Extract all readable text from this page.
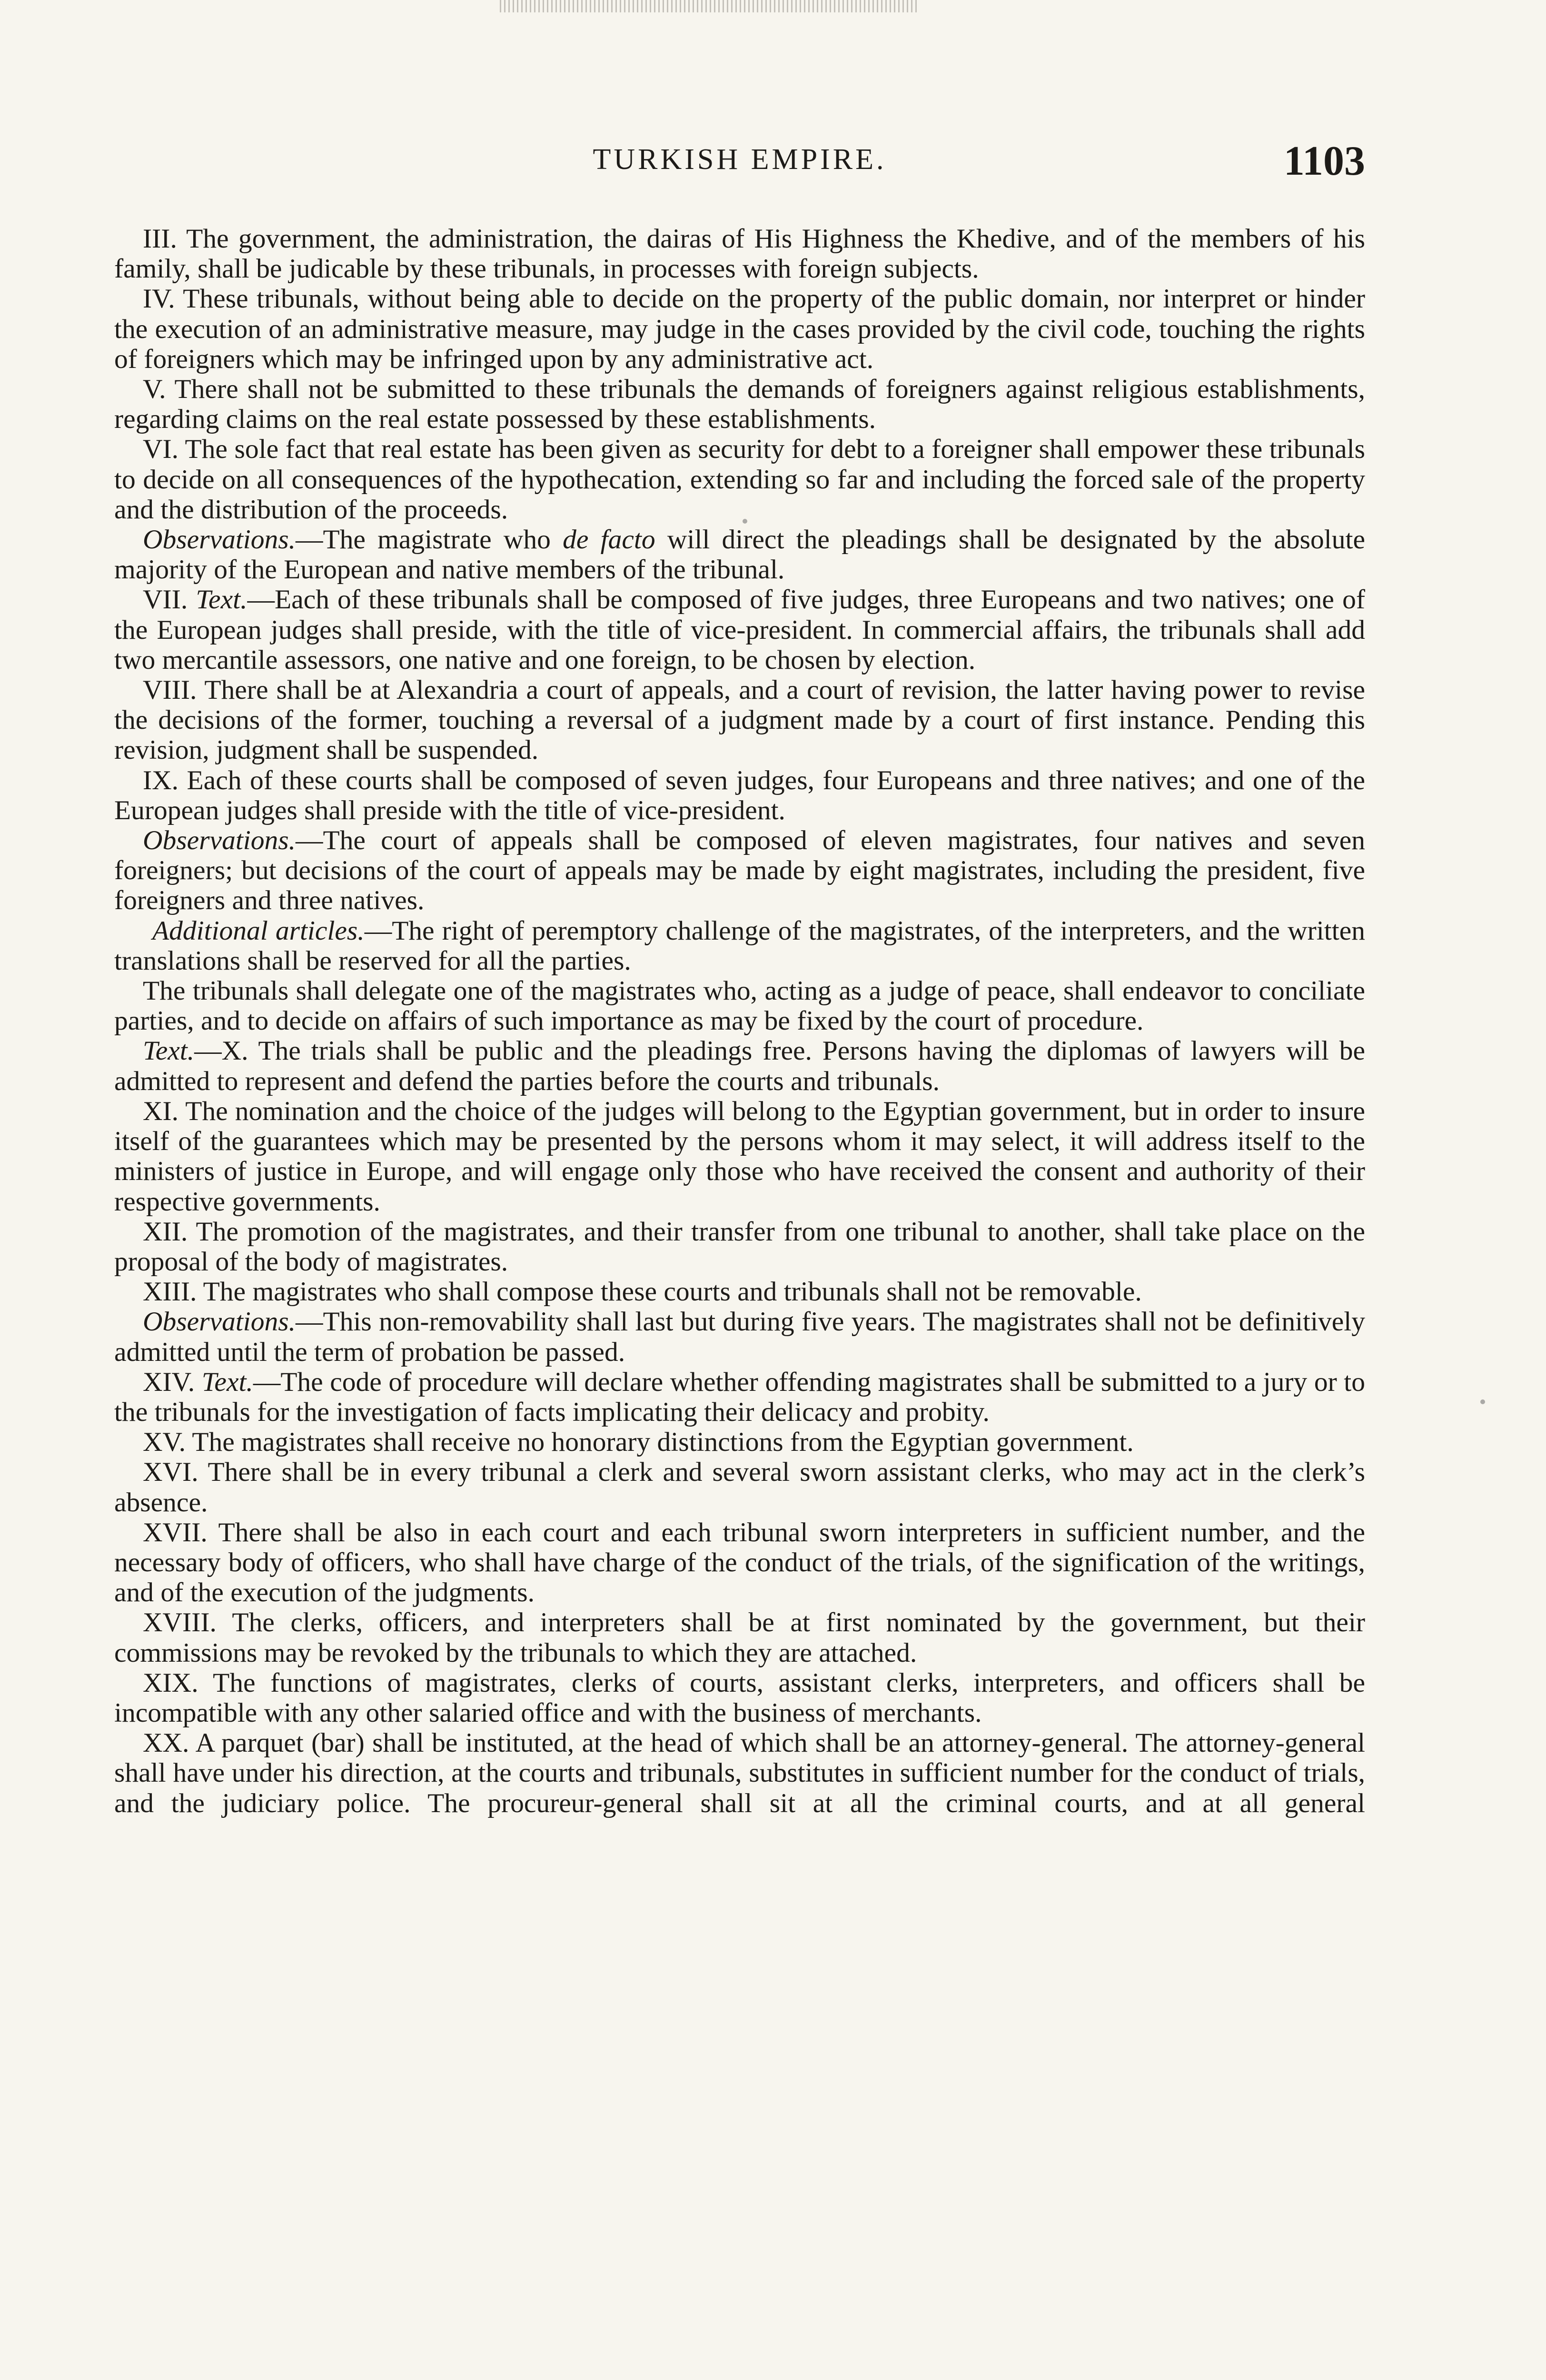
TURKISH EMPIRE.	1103

III. The government, the administration, the dairas of His Highness the Khedive, and of the members of his family, shall be judicable by these tribunals, in processes with foreign subjects.

IV. These tribunals, without being able to decide on the property of the public domain, nor interpret or hinder the execution of an administrative measure, may judge in the cases provided by the civil code, touching the rights of foreigners which may be infringed upon by any administrative act.

V. There shall not be submitted to these tribunals the demands of foreigners against religious establishments, regarding claims on the real estate possessed by these establishments.

VI. The sole fact that real estate has been given as security for debt to a foreigner shall empower these tribunals to decide on all consequences of the hypothecation, extending so far and including the forced sale of the property and the distribution of the proceeds.

Observations.—The magistrate who de facto will direct the pleadings shall be designated by the absolute majority of the European and native members of the tribunal.

VII. Text.—Each of these tribunals shall be composed of five judges, three Europeans and two natives; one of the European judges shall preside, with the title of vice-president. In commercial affairs, the tribunals shall add two mercantile assessors, one native and one foreign, to be chosen by election.

VIII. There shall be at Alexandria a court of appeals, and a court of revision, the latter having power to revise the decisions of the former, touching a reversal of a judgment made by a court of first instance. Pending this revision, judgment shall be suspended.

IX. Each of these courts shall be composed of seven judges, four Europeans and three natives; and one of the European judges shall preside with the title of vice-president.

Observations.—The court of appeals shall be composed of eleven magistrates, four natives and seven foreigners; but decisions of the court of appeals may be made by eight magistrates, including the president, five foreigners and three natives.

Additional articles.—The right of peremptory challenge of the magistrates, of the interpreters, and the written translations shall be reserved for all the parties.

The tribunals shall delegate one of the magistrates who, acting as a judge of peace, shall endeavor to conciliate parties, and to decide on affairs of such importance as may be fixed by the court of procedure.

Text.—X. The trials shall be public and the pleadings free. Persons having the diplomas of lawyers will be admitted to represent and defend the parties before the courts and tribunals.

XI. The nomination and the choice of the judges will belong to the Egyptian government, but in order to insure itself of the guarantees which may be presented by the persons whom it may select, it will address itself to the ministers of justice in Europe, and will engage only those who have received the consent and authority of their respective governments.

XII. The promotion of the magistrates, and their transfer from one tribunal to another, shall take place on the proposal of the body of magistrates.

XIII. The magistrates who shall compose these courts and tribunals shall not be removable.

Observations.—This non-removability shall last but during five years. The magistrates shall not be definitively admitted until the term of probation be passed.

XIV. Text.—The code of procedure will declare whether offending magistrates shall be submitted to a jury or to the tribunals for the investigation of facts implicating their delicacy and probity.

XV. The magistrates shall receive no honorary distinctions from the Egyptian government.

XVI. There shall be in every tribunal a clerk and several sworn assistant clerks, who may act in the clerk’s absence.

XVII. There shall be also in each court and each tribunal sworn interpreters in sufficient number, and the necessary body of officers, who shall have charge of the conduct of the trials, of the signification of the writings, and of the execution of the judgments.

XVIII. The clerks, officers, and interpreters shall be at first nominated by the government, but their commissions may be revoked by the tribunals to which they are attached.

XIX. The functions of magistrates, clerks of courts, assistant clerks, interpreters, and officers shall be incompatible with any other salaried office and with the business of merchants.

XX. A parquet (bar) shall be instituted, at the head of which shall be an attorney-general. The attorney-general shall have under his direction, at the courts and tribunals, substitutes in sufficient number for the conduct of trials, and the judiciary police. The procureur-general shall sit at all the criminal courts, and at all general
